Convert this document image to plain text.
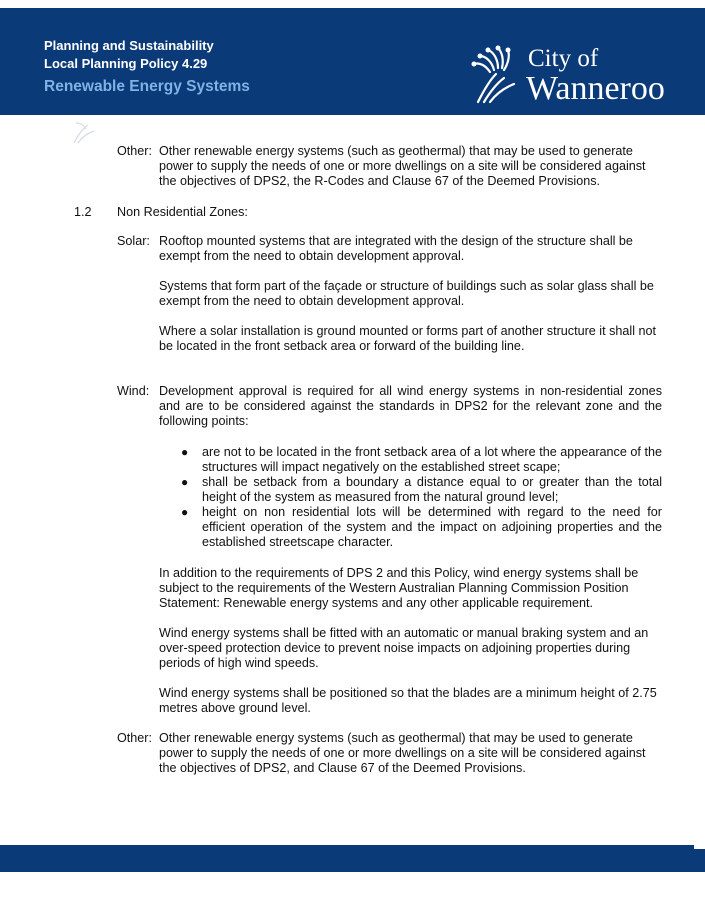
Planning and Sustainability
Local Planning Policy 4.29
Renewable Energy Systems
City of
Wanneroo
Other: Other renewable energy systems (such as geothermal) that may be used to generate power to supply the needs of one or more dwellings on a site will be considered against the objectives of DPS2, the R-Codes and Clause 67 of the Deemed Provisions.
1.2 Non Residential Zones:
Solar: Rooftop mounted systems that are integrated with the design of the structure shall be exempt from the need to obtain development approval.
Systems that form part of the façade or structure of buildings such as solar glass shall be exempt from the need to obtain development approval.
Where a solar installation is ground mounted or forms part of another structure it shall not be located in the front setback area or forward of the building line.
Wind: Development approval is required for all wind energy systems in non-residential zones and are to be considered against the standards in DPS2 for the relevant zone and the following points:
● are not to be located in the front setback area of a lot where the appearance of the structures will impact negatively on the established street scape;
● shall be setback from a boundary a distance equal to or greater than the total height of the system as measured from the natural ground level;
● height on non residential lots will be determined with regard to the need for efficient operation of the system and the impact on adjoining properties and the established streetscape character.
In addition to the requirements of DPS 2 and this Policy, wind energy systems shall be subject to the requirements of the Western Australian Planning Commission Position Statement: Renewable energy systems and any other applicable requirement.
Wind energy systems shall be fitted with an automatic or manual braking system and an over-speed protection device to prevent noise impacts on adjoining properties during periods of high wind speeds.
Wind energy systems shall be positioned so that the blades are a minimum height of 2.75 metres above ground level.
Other: Other renewable energy systems (such as geothermal) that may be used to generate power to supply the needs of one or more dwellings on a site will be considered against the objectives of DPS2, and Clause 67 of the Deemed Provisions.
